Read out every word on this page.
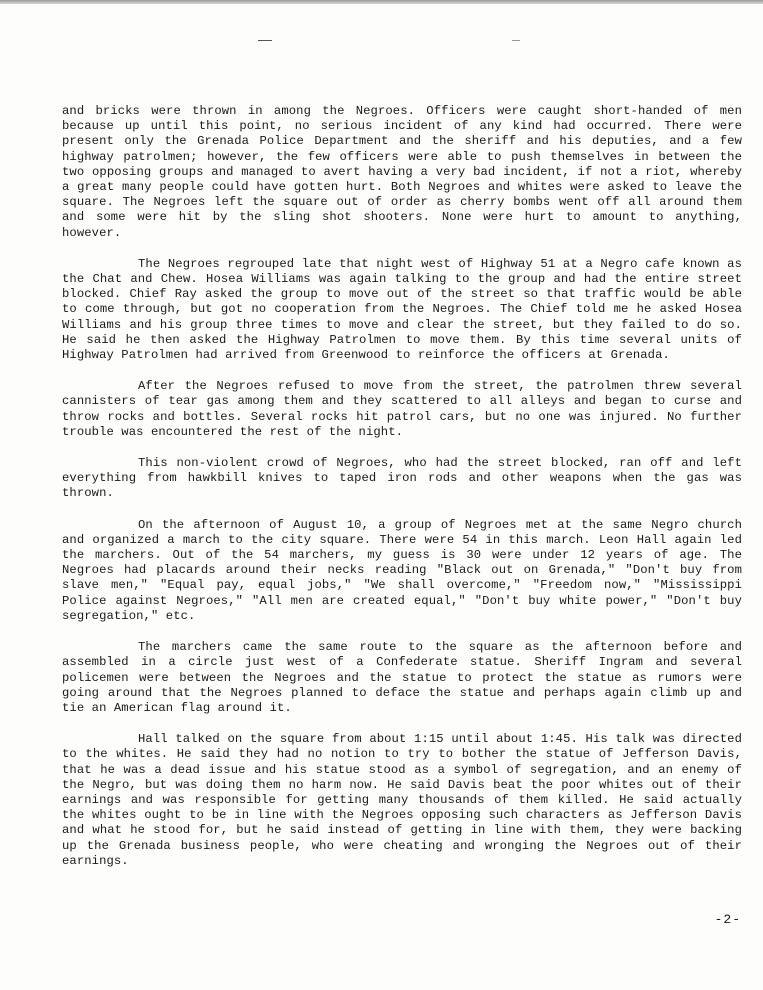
and bricks were thrown in among the Negroes. Officers were caught short-handed of men because up until this point, no serious incident of any kind had occurred. There were present only the Grenada Police Department and the sheriff and his deputies, and a few highway patrolmen; however, the few officers were able to push themselves in between the two opposing groups and managed to avert having a very bad incident, if not a riot, whereby a great many people could have gotten hurt. Both Negroes and whites were asked to leave the square. The Negroes left the square out of order as cherry bombs went off all around them and some were hit by the sling shot shooters. None were hurt to amount to anything, however.

The Negroes regrouped late that night west of Highway 51 at a Negro cafe known as the Chat and Chew. Hosea Williams was again talking to the group and had the entire street blocked. Chief Ray asked the group to move out of the street so that traffic would be able to come through, but got no cooperation from the Negroes. The Chief told me he asked Hosea Williams and his group three times to move and clear the street, but they failed to do so. He said he then asked the Highway Patrolmen to move them. By this time several units of Highway Patrolmen had arrived from Greenwood to reinforce the officers at Grenada.

After the Negroes refused to move from the street, the patrolmen threw several cannisters of tear gas among them and they scattered to all alleys and began to curse and throw rocks and bottles. Several rocks hit patrol cars, but no one was injured. No further trouble was encountered the rest of the night.

This non-violent crowd of Negroes, who had the street blocked, ran off and left everything from hawkbill knives to taped iron rods and other weapons when the gas was thrown.

On the afternoon of August 10, a group of Negroes met at the same Negro church and organized a march to the city square. There were 54 in this march. Leon Hall again led the marchers. Out of the 54 marchers, my guess is 30 were under 12 years of age. The Negroes had placards around their necks reading "Black out on Grenada," "Don't buy from slave men," "Equal pay, equal jobs," "We shall overcome," "Freedom now," "Mississippi Police against Negroes," "All men are created equal," "Don't buy white power," "Don't buy segregation," etc.

The marchers came the same route to the square as the afternoon before and assembled in a circle just west of a Confederate statue. Sheriff Ingram and several policemen were between the Negroes and the statue to protect the statue as rumors were going around that the Negroes planned to deface the statue and perhaps again climb up and tie an American flag around it.

Hall talked on the square from about 1:15 until about 1:45. His talk was directed to the whites. He said they had no notion to try to bother the statue of Jefferson Davis, that he was a dead issue and his statue stood as a symbol of segregation, and an enemy of the Negro, but was doing them no harm now. He said Davis beat the poor whites out of their earnings and was responsible for getting many thousands of them killed. He said actually the whites ought to be in line with the Negroes opposing such characters as Jefferson Davis and what he stood for, but he said instead of getting in line with them, they were backing up the Grenada business people, who were cheating and wronging the Negroes out of their earnings.

-2-
